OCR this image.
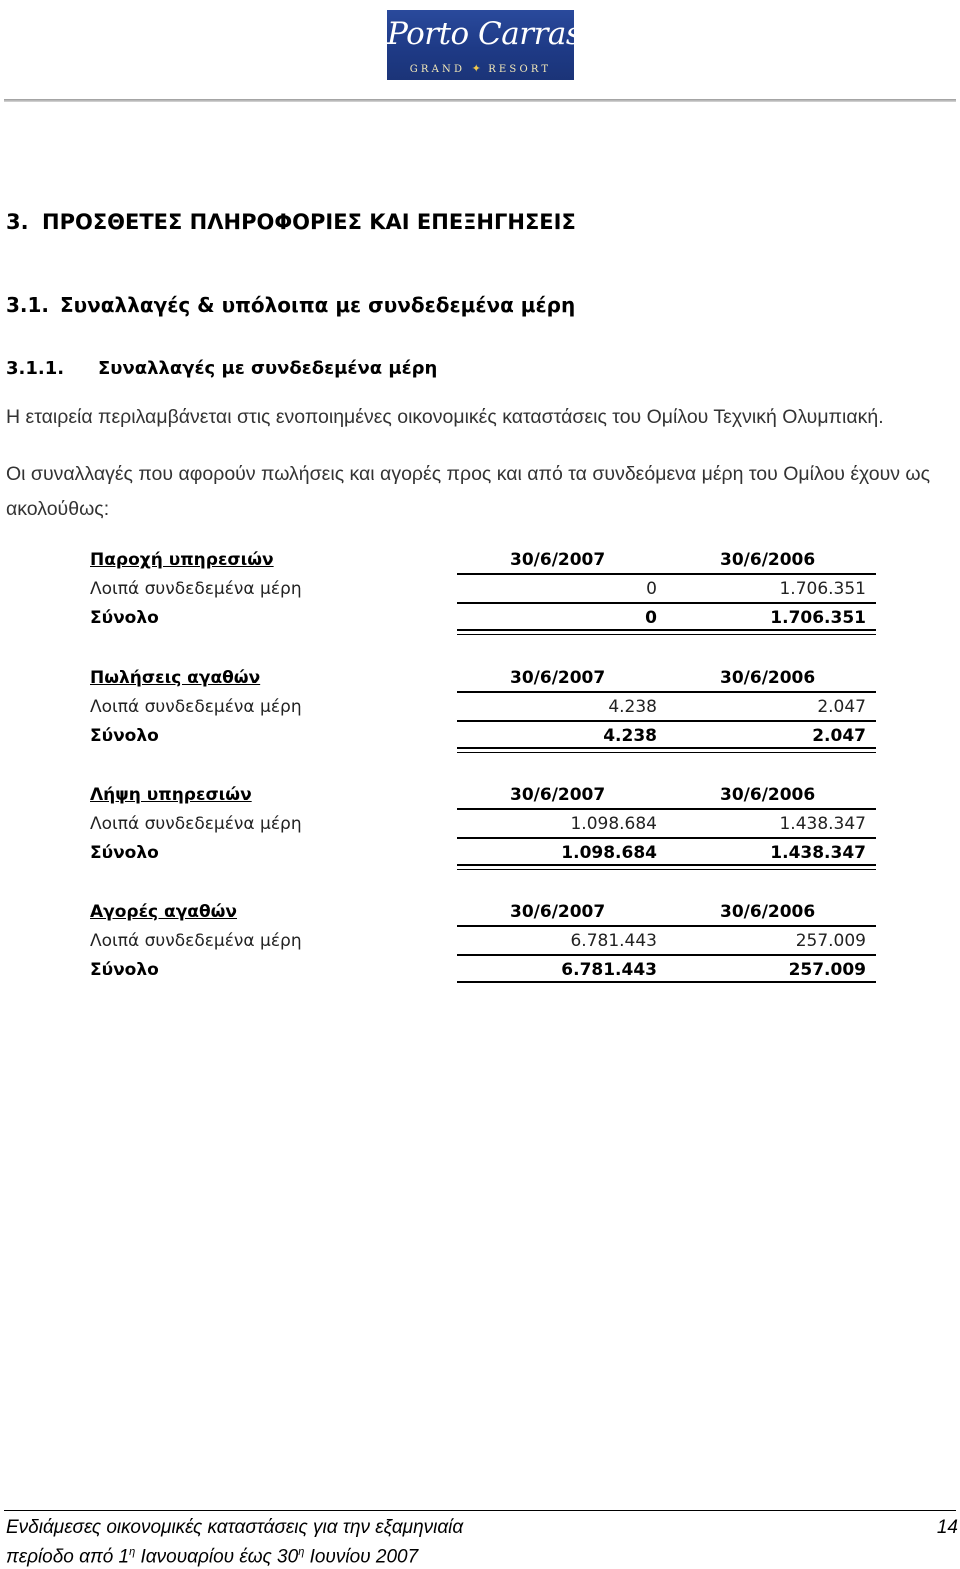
Porto Carras
GRAND ✦ RESORT
3. ΠΡΟΣΘΕΤΕΣ ΠΛΗΡΟΦΟΡΙΕΣ ΚΑΙ ΕΠΕΞΗΓΗΣΕΙΣ
3.1. Συναλλαγές & υπόλοιπα με συνδεδεμένα μέρη
3.1.1. Συναλλαγές με συνδεδεμένα μέρη

Η εταιρεία περιλαμβάνεται στις ενοποιημένες οικονομικές καταστάσεις του Ομίλου Τεχνική Ολυμπιακή.

Οι συναλλαγές που αφορούν πωλήσεις και αγορές προς και από τα συνδεόμενα μέρη του Ομίλου έχουν ως ακολούθως:

Παροχή υπηρεσιών	30/6/2007	30/6/2006
Λοιπά συνδεδεμένα μέρη	0	1.706.351
Σύνολο	0	1.706.351
Πωλήσεις αγαθών	30/6/2007	30/6/2006
Λοιπά συνδεδεμένα μέρη	4.238	2.047
Σύνολο	4.238	2.047
Λήψη υπηρεσιών	30/6/2007	30/6/2006
Λοιπά συνδεδεμένα μέρη	1.098.684	1.438.347
Σύνολο	1.098.684	1.438.347
Αγορές αγαθών	30/6/2007	30/6/2006
Λοιπά συνδεδεμένα μέρη	6.781.443	257.009
Σύνολο	6.781.443	257.009
Ενδιάμεσες οικονομικές καταστάσεις για την εξαμηνιαία
περίοδο από $1^\eta$ Ιανουαρίου έως $30^\eta$ Ιουνίου 2007
14
